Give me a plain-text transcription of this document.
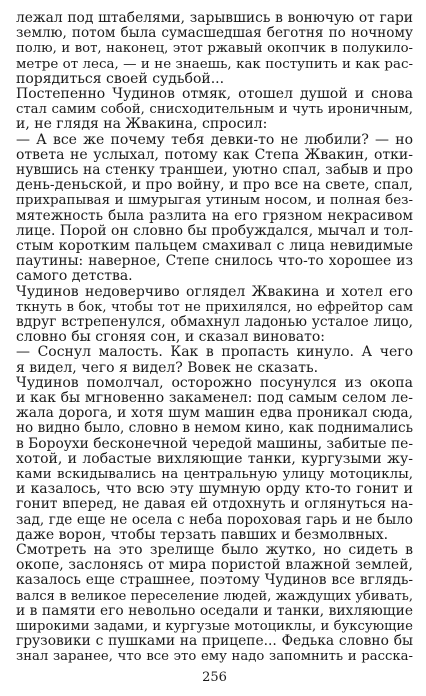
лежал под штабелями, зарывшись в вонючую от гари
землю, потом была сумасшедшая беготня по ночному
полю, и вот, наконец, этот ржавый окопчик в полукило-
метре от леса, — и не знаешь, как поступить и как рас-
порядиться своей судьбой...
Постепенно Чудинов отмяк, отошел душой и снова
стал самим собой, снисходительным и чуть ироничным,
и, не глядя на Жвакина, спросил:
— А все же почему тебя девки-то не любили? — но
ответа не услыхал, потому как Степа Жвакин, отки-
нувшись на стенку траншеи, уютно спал, забыв и про
день-деньской, и про войну, и про все на свете, спал,
прихрапывая и шмурыгая утиным носом, и полная без-
мятежность была разлита на его грязном некрасивом
лице. Порой он словно бы пробуждался, мычал и тол-
стым коротким пальцем смахивал с лица невидимые
паутины: наверное, Степе снилось что-то хорошее из
самого детства.
Чудинов недоверчиво оглядел Жвакина и хотел его
ткнуть в бок, чтобы тот не прихилялся, но ефрейтор сам
вдруг встрепенулся, обмахнул ладонью усталое лицо,
словно бы сгоняя сон, и сказал виновато:
— Соснул малость. Как в пропасть кинуло. А чего
я видел, чего я видел? Вовек не сказать.
Чудинов помолчал, осторожно посунулся из окопа
и как бы мгновенно закаменел: под самым селом ле-
жала дорога, и хотя шум машин едва проникал сюда,
но видно было, словно в немом кино, как поднимались
в Бороухи бесконечной чередой машины, забитые пе-
хотой, и лобастые вихляющие танки, кургузыми жу-
ками вскидывались на центральную улицу мотоциклы,
и казалось, что всю эту шумную орду кто-то гонит и
гонит вперед, не давая ей отдохнуть и оглянуться на-
зад, где еще не осела с неба пороховая гарь и не было
даже ворон, чтобы терзать павших и безмолвных.
Смотреть на это зрелище было жутко, но сидеть в
окопе, заслонясь от мира пористой влажной землей,
казалось еще страшнее, поэтому Чудинов все вглядь-
вался в великое переселение людей, жаждущих убивать,
и в памяти его невольно оседали и танки, вихляющие
широкими задами, и кургузые мотоциклы, и буксующие
грузовики с пушками на прицепе... Федька словно бы
знал заранее, что все это ему надо запомнить и расска-
256
